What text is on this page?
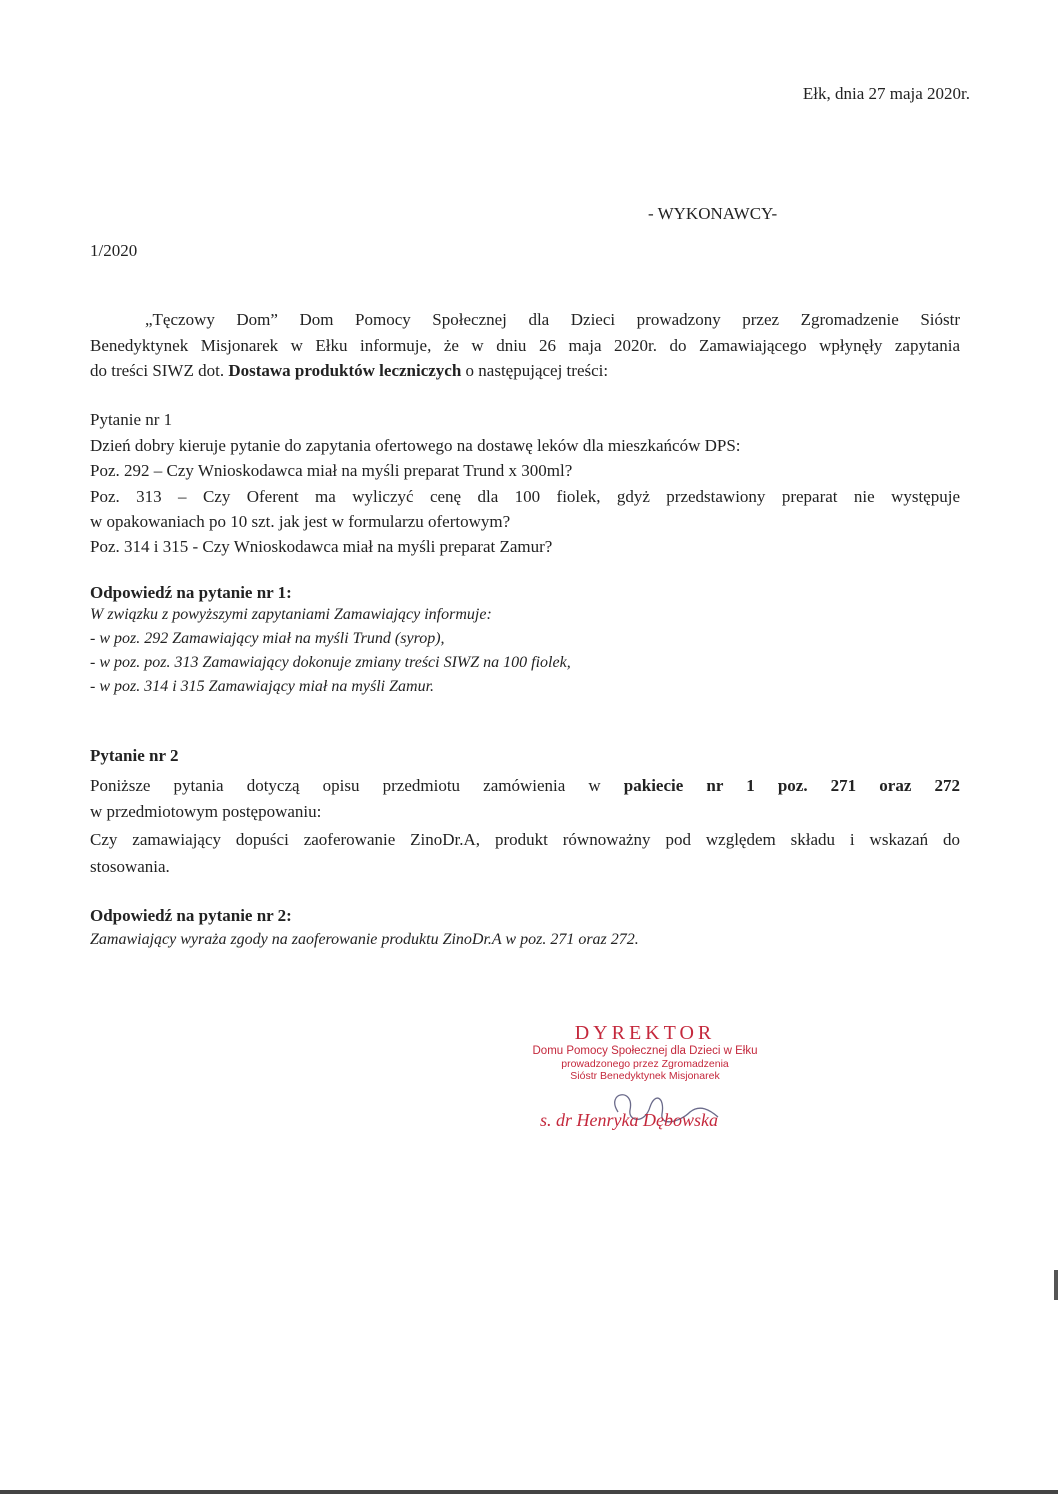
Ełk, dnia 27 maja 2020r.
- WYKONAWCY-
1/2020
„Tęczowy Dom” Dom Pomocy Społecznej dla Dzieci prowadzony przez Zgromadzenie Sióstr
Benedyktynek Misjonarek w Ełku informuje, że w dniu 26 maja 2020r. do Zamawiającego wpłynęły zapytania
do treści SIWZ dot. Dostawa produktów leczniczych o następującej treści:
Pytanie nr 1
Dzień dobry kieruje pytanie do zapytania ofertowego na dostawę leków dla mieszkańców DPS:
Poz. 292 – Czy Wnioskodawca miał na myśli preparat Trund x 300ml?
Poz. 313 – Czy Oferent ma wyliczyć cenę dla 100 fiolek, gdyż przedstawiony preparat nie występuje
w opakowaniach po 10 szt. jak jest w formularzu ofertowym?
Poz. 314 i 315 - Czy Wnioskodawca miał na myśli preparat Zamur?
Odpowiedź na pytanie nr 1:
W związku z powyższymi zapytaniami Zamawiający informuje:
- w poz. 292 Zamawiający miał na myśli Trund (syrop),
- w poz. poz. 313 Zamawiający dokonuje zmiany treści SIWZ na 100 fiolek,
- w poz. 314 i 315 Zamawiający miał na myśli Zamur.
Pytanie nr 2
Poniższe pytania dotyczą opisu przedmiotu zamówienia w pakiecie nr 1 poz. 271 oraz 272
w przedmiotowym postępowaniu:
Czy zamawiający dopuści zaoferowanie ZinoDr.A, produkt równoważny pod względem składu i wskazań do
stosowania.
Odpowiedź na pytanie nr 2:
Zamawiający wyraża zgody na zaoferowanie produktu ZinoDr.A w poz. 271 oraz 272.
DYREKTOR
Domu Pomocy Społecznej dla Dzieci w Ełku
prowadzonego przez Zgromadzenia
Sióstr Benedyktynek Misjonarek
s. dr Henryka Dębowska
